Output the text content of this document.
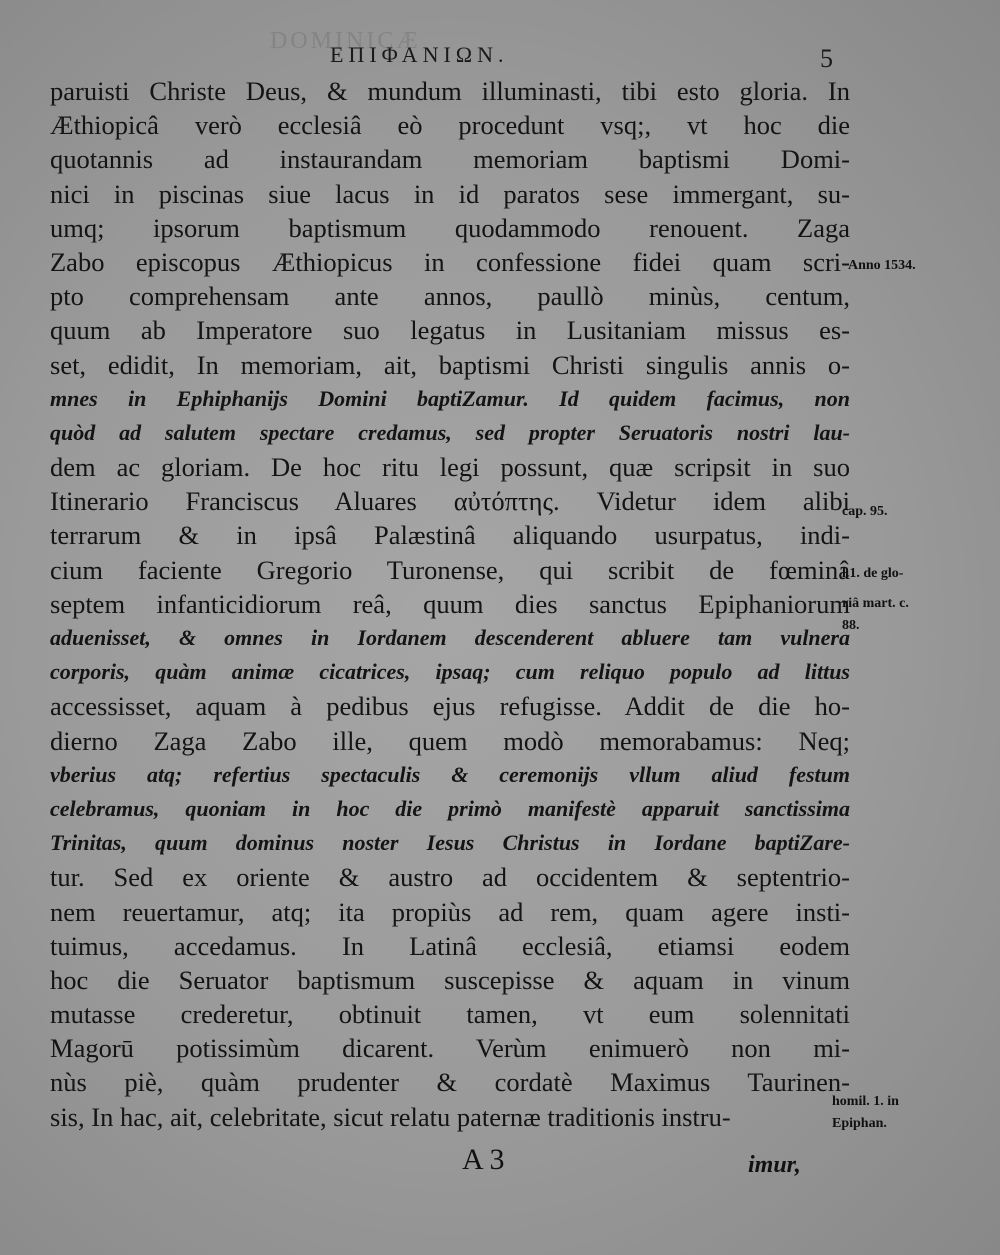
DOMINICÆ
ΕΠΙΦΑΝΙΩΝ.	5
paruisti Christe Deus, & mundum illuminasti, tibi esto gloria. In
Æthiopicâ verò ecclesiâ eò procedunt vsq;, vt hoc die
quotannis ad instaurandam memoriam baptismi Domi-
nici in piscinas siue lacus in id paratos sese immergant, su-
umq; ipsorum baptismum quodammodo renouent. Zaga
Zabo episcopus Æthiopicus in confessione fidei quam scri-
pto comprehensam ante annos, paullò minùs, centum,
quum ab Imperatore suo legatus in Lusitaniam missus es-
set, edidit, In memoriam, ait, baptismi Christi singulis annis o-
mnes in Ephiphanijs Domini baptiZamur. Id quidem facimus, non
quòd ad salutem spectare credamus, sed propter Seruatoris nostri lau-
dem ac gloriam. De hoc ritu legi possunt, quæ scripsit in suo
Itinerario Franciscus Aluares αὐτόπτης. Videtur idem alibi
terrarum & in ipsâ Palæstinâ aliquando usurpatus, indi-
cium faciente Gregorio Turonense, qui scribit de fœminâ
septem infanticidiorum reâ, quum dies sanctus Epiphaniorum
aduenisset, & omnes in Iordanem descenderent abluere tam vulnera
corporis, quàm animæ cicatrices, ipsaq; cum reliquo populo ad littus
accessisset, aquam à pedibus ejus refugisse. Addit de die ho-
dierno Zaga Zabo ille, quem modò memorabamus: Neq;
vberius atq; refertius spectaculis & ceremonijs vllum aliud festum
celebramus, quoniam in hoc die primò manifestè apparuit sanctissima
Trinitas, quum dominus noster Iesus Christus in Iordane baptiZare-
tur. Sed ex oriente & austro ad occidentem & septentrio-
nem reuertamur, atq; ita propiùs ad rem, quam agere insti-
tuimus, accedamus. In Latinâ ecclesiâ, etiamsi eodem
hoc die Seruator baptismum suscepisse & aquam in vinum
mutasse crederetur, obtinuit tamen, vt eum solennitati
Magorū potissimùm dicarent. Verùm enimuerò non mi-
nùs piè, quàm prudenter & cordatè Maximus Taurinen-
sis, In hac, ait, celebritate, sicut relatu paternæ traditionis instru-
Anno 1534.
cap. 95.
l.1. de glo-
riâ mart. c.
88.
homil. 1. in
Epiphan.
A 3	imur,
